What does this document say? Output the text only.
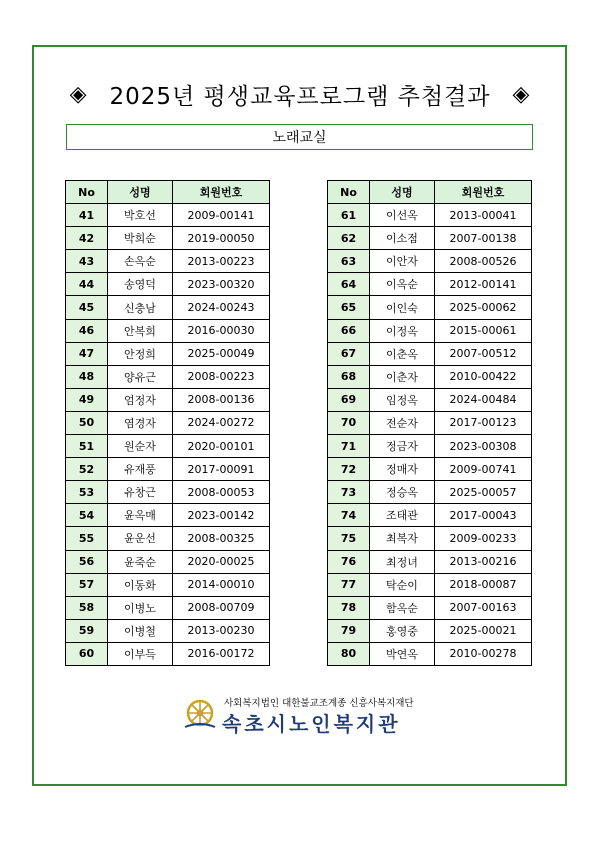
◈ 2025년 평생교육프로그램 추첨결과 ◈
노래교실
No	성명	회원번호
41	박호선	2009-00141
42	박희순	2019-00050
43	손옥순	2013-00223
44	송영덕	2023-00320
45	신충남	2024-00243
46	안복희	2016-00030
47	안정희	2025-00049
48	양유근	2008-00223
49	엄정자	2008-00136
50	염경자	2024-00272
51	원순자	2020-00101
52	유재풍	2017-00091
53	유창근	2008-00053
54	윤옥매	2023-00142
55	윤운선	2008-00325
56	윤죽순	2020-00025
57	이동화	2014-00010
58	이병노	2008-00709
59	이병철	2013-00230
60	이부득	2016-00172
No	성명	회원번호
61	이선옥	2013-00041
62	이소점	2007-00138
63	이안자	2008-00526
64	이옥순	2012-00141
65	이인숙	2025-00062
66	이정옥	2015-00061
67	이춘옥	2007-00512
68	이춘자	2010-00422
69	임정옥	2024-00484
70	전순자	2017-00123
71	정금자	2023-00308
72	정매자	2009-00741
73	정승옥	2025-00057
74	조태관	2017-00043
75	최복자	2009-00233
76	최정녀	2013-00216
77	탁순이	2018-00087
78	함옥순	2007-00163
79	홍영중	2025-00021
80	박연옥	2010-00278
사회복지법인 대한불교조계종 신흥사복지재단
속초시노인복지관
